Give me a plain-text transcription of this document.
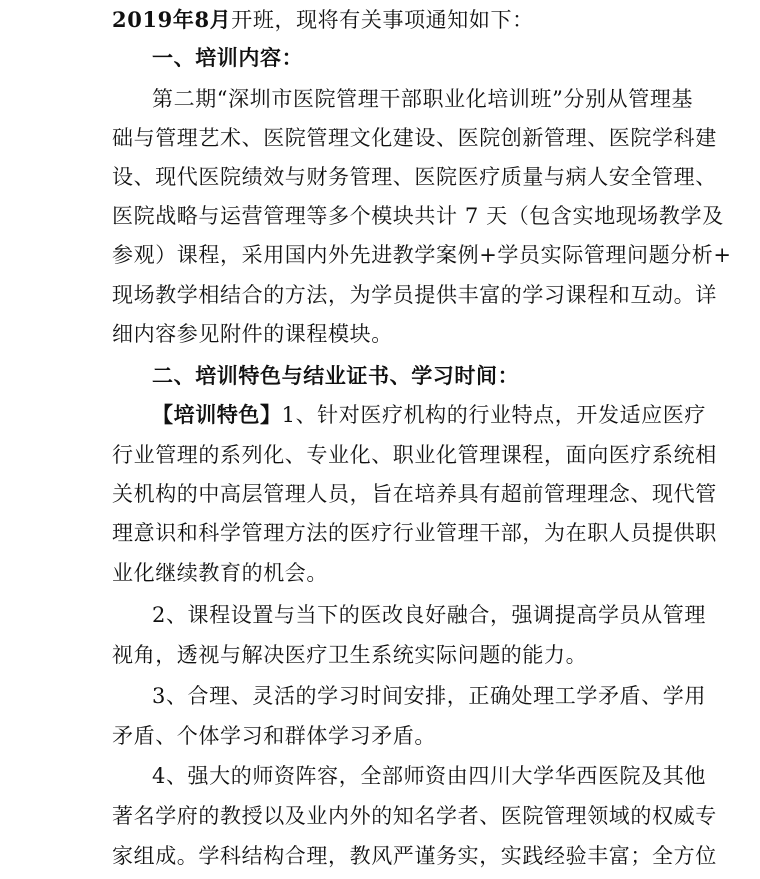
2019年8月开班，现将有关事项通知如下：
一、培训内容：
第二期“深圳市医院管理干部职业化培训班”分别从管理基
础与管理艺术、医院管理文化建设、医院创新管理、医院学科建
设、现代医院绩效与财务管理、医院医疗质量与病人安全管理、
医院战略与运营管理等多个模块共计 7 天（包含实地现场教学及
参观）课程，采用国内外先进教学案例+学员实际管理问题分析+
现场教学相结合的方法，为学员提供丰富的学习课程和互动。详
细内容参见附件的课程模块。
二、培训特色与结业证书、学习时间：
【培训特色】1、针对医疗机构的行业特点，开发适应医疗
行业管理的系列化、专业化、职业化管理课程，面向医疗系统相
关机构的中高层管理人员，旨在培养具有超前管理理念、现代管
理意识和科学管理方法的医疗行业管理干部，为在职人员提供职
业化继续教育的机会。
2、课程设置与当下的医改良好融合，强调提高学员从管理
视角，透视与解决医疗卫生系统实际问题的能力。
3、合理、灵活的学习时间安排，正确处理工学矛盾、学用
矛盾、个体学习和群体学习矛盾。
4、强大的师资阵容，全部师资由四川大学华西医院及其他
著名学府的教授以及业内外的知名学者、医院管理领域的权威专
家组成。学科结构合理，教风严谨务实，实践经验丰富；全方位
